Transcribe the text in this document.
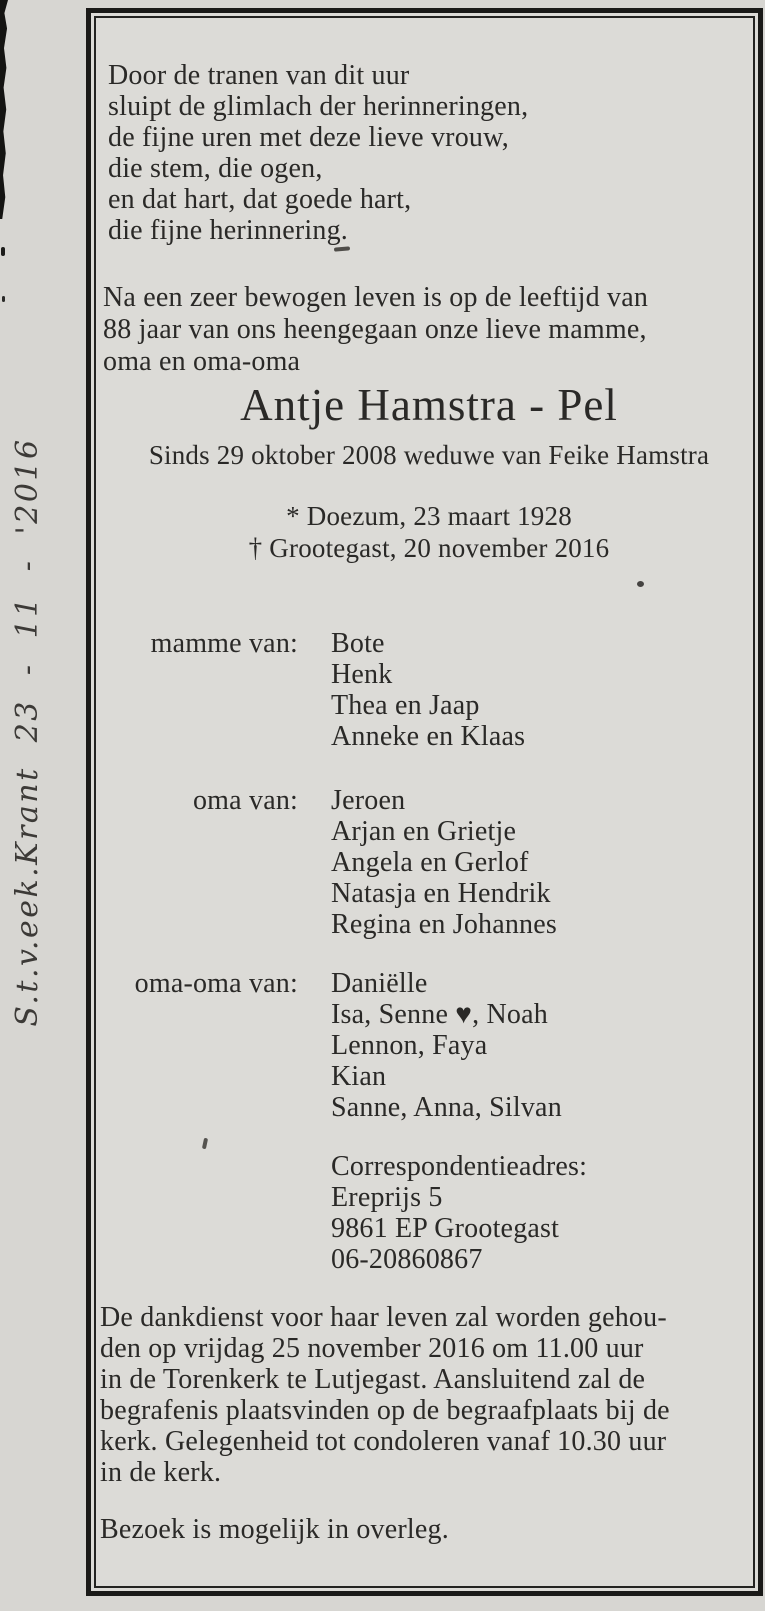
S.t.v.eek.Krant 23 - 11 - '2016
Door de tranen van dit uur
sluipt de glimlach der herinneringen,
de fijne uren met deze lieve vrouw,
die stem, die ogen,
en dat hart, dat goede hart,
die fijne herinnering.
Na een zeer bewogen leven is op de leeftijd van
88 jaar van ons heengegaan onze lieve mamme,
oma en oma-oma
Antje Hamstra - Pel
Sinds 29 oktober 2008 weduwe van Feike Hamstra
* Doezum, 23 maart 1928
† Grootegast, 20 november 2016
mamme van: Bote
Henk
Thea en Jaap
Anneke en Klaas
oma van: Jeroen
Arjan en Grietje
Angela en Gerlof
Natasja en Hendrik
Regina en Johannes
oma-oma van: Daniëlle
Isa, Senne ♥, Noah
Lennon, Faya
Kian
Sanne, Anna, Silvan
Correspondentieadres:
Ereprijs 5
9861 EP Grootegast
06-20860867
De dankdienst voor haar leven zal worden gehou-
den op vrijdag 25 november 2016 om 11.00 uur
in de Torenkerk te Lutjegast. Aansluitend zal de
begrafenis plaatsvinden op de begraafplaats bij de
kerk. Gelegenheid tot condoleren vanaf 10.30 uur
in de kerk.
Bezoek is mogelijk in overleg.
